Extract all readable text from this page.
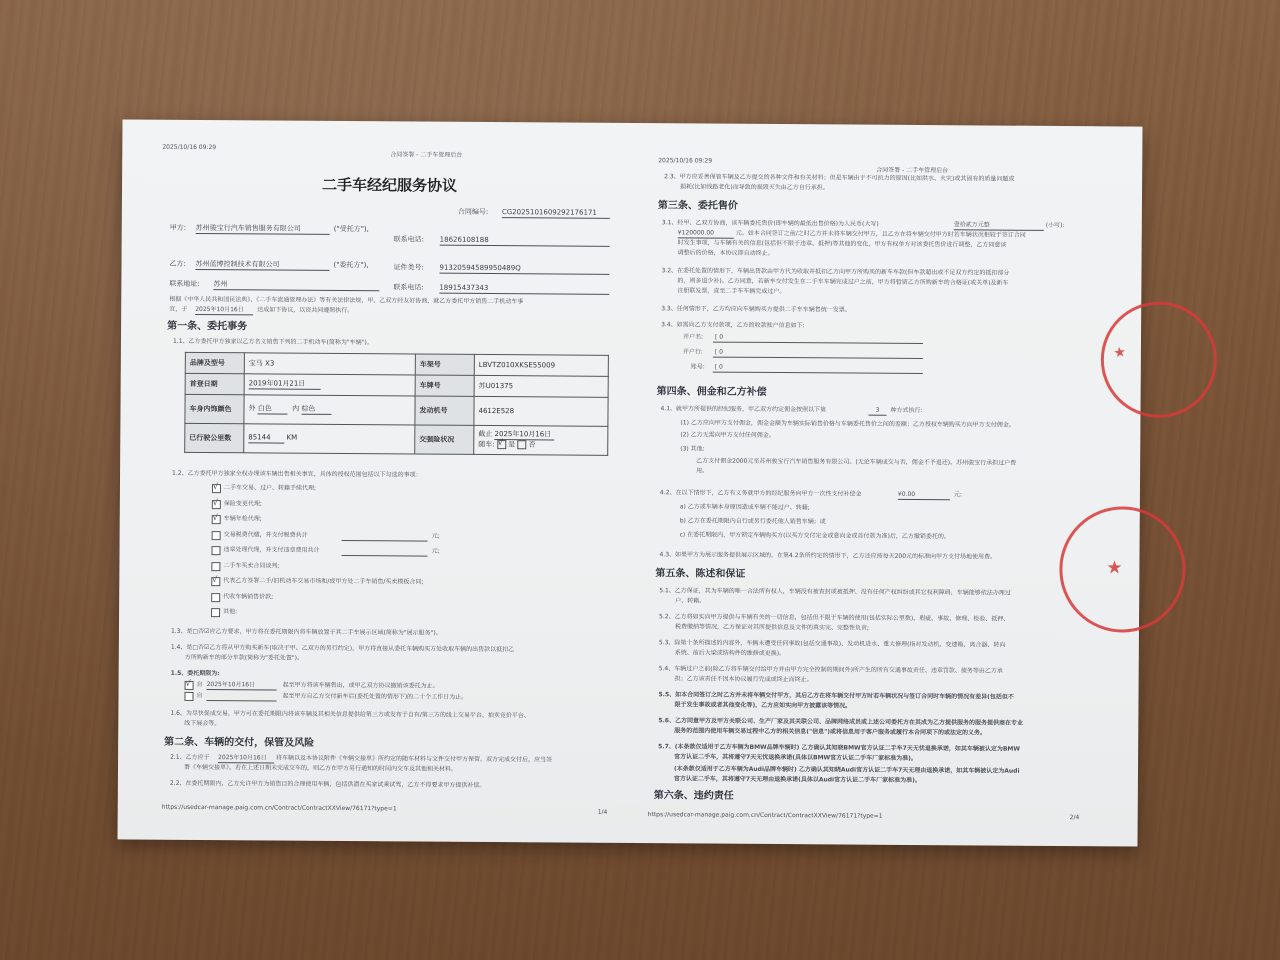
2025/10/16 09:29
合同签署 - 二手车管理后台
二手车经纪服务协议
合同编号: CG2025101609292176171
甲方: 苏州骏宝行汽车销售服务有限公司	("受托方"),
联系电话: 18626108188
乙方: 苏州蓝博控制技术有限公司	("委托方"),	证件类号: 91320594589950489Q
联系地址: 苏州	联系电话: 18915437343
根据《中华人民共和国民法典》、《二手车流通管理办法》等有关法律法规，甲、乙双方经友好协商，就乙方委托甲方销售二手机动车事
宜，于 2025年10月16日	达成如下协议，以资共同遵照执行。
第一条、委托事务
1.1、乙方委托甲方独家以乙方名义销售下列的二手机动车(简称为"车辆")。
品牌及型号	宝马 X3	车架号	LBVTZ010XKSE55009
首登日期	2019年01月21日	车牌号	苏U01375
车身内饰颜色	外 白色 内 棕色	发动机号	4612E528
已行驶公里数	85144 KM	交强险状况	截止 2025年10月16日
随车: √ 是 否
1.2、乙方委托甲方独家全权办理该车辆出售相关事宜，具体的授权范围包括以下勾选的事项：
√
二手车交易、过户、转籍手续代理;
√
保险变更代理;
√
车辆年检代理;
交易税费代缴，并支付税费共计	元;
违章处理代理，并支付违章费用共计	元;
二手车买卖合同谈判;
√
代表乙方签署二手/旧机动车交易市场和/或甲方处二手车销售/买卖模板合同;
代收车辆销售价款;
其他:
1.3、是□否☑应乙方要求，甲方将在委托期限内将车辆放置于其二手车展示区域(简称为"展示服务")。
1.4、是□否☑乙方将从甲方购买新车(取决于甲、乙双方的另行约定)，甲方将直接从委托车辆购买方处收取车辆的出售款以抵扣乙
方所购新车的部分车款(简称为"委托处置")。
1.5、委托期限为:
√
自 2025年10月16日	起至甲方将该车辆售出，或甲乙双方协议撤销该委托为止。
自	起至甲方自乙方交付新车后(委托处置的情形下)的二十个工作日为止。
1.6、为尽快促成交易，甲方可在委托期限内将该车辆及其相关信息提供给第三方或发布于自有/第三方的线上交易平台、拍卖竞价平台、
线下展会等。
第二条、车辆的交付，保管及风险
2.1、乙方应于 2025年10月16日	将车辆以及本协议附件《车辆交接单》所约定的随车材料与文件交付甲方保管。双方完成交付后，应当签
署《车辆交接单》。若在上述日期未完成交车的，则乙方在甲方另行通知的时间内交车及其他相关材料。
2.2、在委托期限内，乙方允许甲方为销售目的合理使用车辆，包括供潜在买家试乘试驾，乙方不得要求甲方提供补偿。
https://usedcar-manage.paig.com.cn/Contract/ContractXXView/76171?type=1	1/4
2025/10/16 09:29
合同签署 - 二手车管理后台
2.3、甲方应妥善保管车辆及乙方提交的各种文件和有关材料；但是车辆由于不可抗力的原因(比如洪水、火灾)或其固有的质量问题或
损耗(比如线路老化)而导致的损毁灭失由乙方自行承担。
第三条、委托售价
3.1、经甲、乙双方协商，该车辆委托售价(即车辆的最低出售价格)为人民币(大写)	壹拾贰万元整	(小写):
¥120000.00	元。如本合同签订之前/之时乙方并未将车辆交付甲方，且乙方在将车辆交付甲方时若车辆状况相较于签订合同
时发生事项，与车辆有关的信息(包括但不限于违章、抵押)等其他的变化，甲方有权单方对该委托售价进行调整，乙方同意该
调整后的价格，本协议即自动终止。
3.2、在委托处置的情形下，车辆出售款由甲方代为收取并抵扣乙方向甲方所购买的新车车款(但车款超出或不足双方约定的抵扣部分
的，则多退少补)。乙方同意，若新车交付发生在二手车车辆完成过户之前，甲方将暂留乙方所购新车的合格证(或关单)及新车
注册联发票，直至二手车车辆完成过户。
3.3、任何情形下，乙方均应向车辆购买方提供二手车车辆售统一发票。
3.4、如需向乙方支付款项，乙方的收款账户信息如下:
开户名: [ 0
开户行: [ 0
账号: [ 0
第四条、佣金和乙方补偿
4.1、就甲方所提供的经纪服务，甲乙双方约定佣金按照以下第	3	种方式执行:
(1) 乙方应向甲方支付佣金，佣金金额为车辆实际销售价格与车辆委托售价之间的差额；乙方授权车辆购买方向甲方支付佣金。
(2) 乙方无需向甲方支付任何佣金。
(3) 其他:
乙方支付佣金2000元至苏州骏宝行汽车销售服务有限公司。(无论车辆成交与否，佣金不予退还)。苏州骏宝行承担过户费
用。
4.2、在以下情形下，乙方有义务就甲方的经纪服务向甲方一次性支付补偿金	¥0.00	元:
a) 乙方或车辆本身原因造成车辆不能过户、转籍;
b) 乙方在委托期限内自行或另行委托他人销售车辆；或
c) 在委托期限内，甲方锁定车辆购买方(以买方交付定金或意向金或首付款为准)后，乙方撤销委托的。
4.3、如果甲方为展示服务提供展示区域的，在第4.2条所约定的情形下，乙方还应按每天200元的标准向甲方支付场地使用费。
第五条、陈述和保证
5.1、乙方保证，其为车辆的唯一合法所有权人，车辆没有被查封或被抵押、没有任何产权纠纷或其它权利障碍，车辆能够依法办理过
户、转籍。
5.2、乙方将如实向甲方提供与车辆有关的一切信息，包括但不限于车辆的使用(包括实际公里数)、瑕疵、事故、修理、检验、抵押、
税费缴纳等情况，乙方保证对其所提供信息及文件的真实完、完整性负责;
5.3、除第十条所描述的内容外，车辆未遭受任何事故(包括交通事故)、发动机进水、重大修理(指对发动机、变速箱、离合器、转向
系统、前后大梁或结构件的维修或更换)。
5.4、车辆过户之前(除乙方将车辆交付给甲方并由甲方完全控制的期间外)所产生的所有交通事故责任、违章罚款、债务等由乙方承
担；乙方该责任不因本协议履行完成或终止而终止。
5.5、如本合同签订之时乙方并未将车辆交付甲方，其后乙方在将车辆交付甲方时若车辆状况与签订合同时车辆的情况有差异(包括但不
限于发生事故或者其他变化等)，乙方应如实向甲方披露该等情况。
5.6、乙方同意甲方及甲方关联公司、生产厂家及其关联公司、品牌网络成员或上述公司委托方在其成为乙方提供服务的服务提供商在专业
服务的范围内使用车辆交易过程中乙方的相关信息("信息")或将信息用于客户服务或履行本合同项下的或法定的义务。
5.7、(本条款仅适用于乙方车辆为BMW品牌车辆时) 乙方确认其知晓BMW官方认证二手车7天无忧退换承诺，如其车辆被认定为BMW
官方认证二手车，其将遵守7天无忧退换承诺(具体以BMW官方认证二手车厂家标准为准)。
(本条款仅适用于乙方车辆为Audi品牌车辆时) 乙方确认其知晓Audi官方认证二手车7天无理由退换承诺，如其车辆被认定为Audi
官方认证二手车，其将遵守7天无理由退换承诺(具体以Audi官方认证二手车厂家标准为准)。
第六条、违约责任
https://usedcar-manage.paig.com.cn/Contract/ContractXXView/76171?type=1	2/4
★
★
